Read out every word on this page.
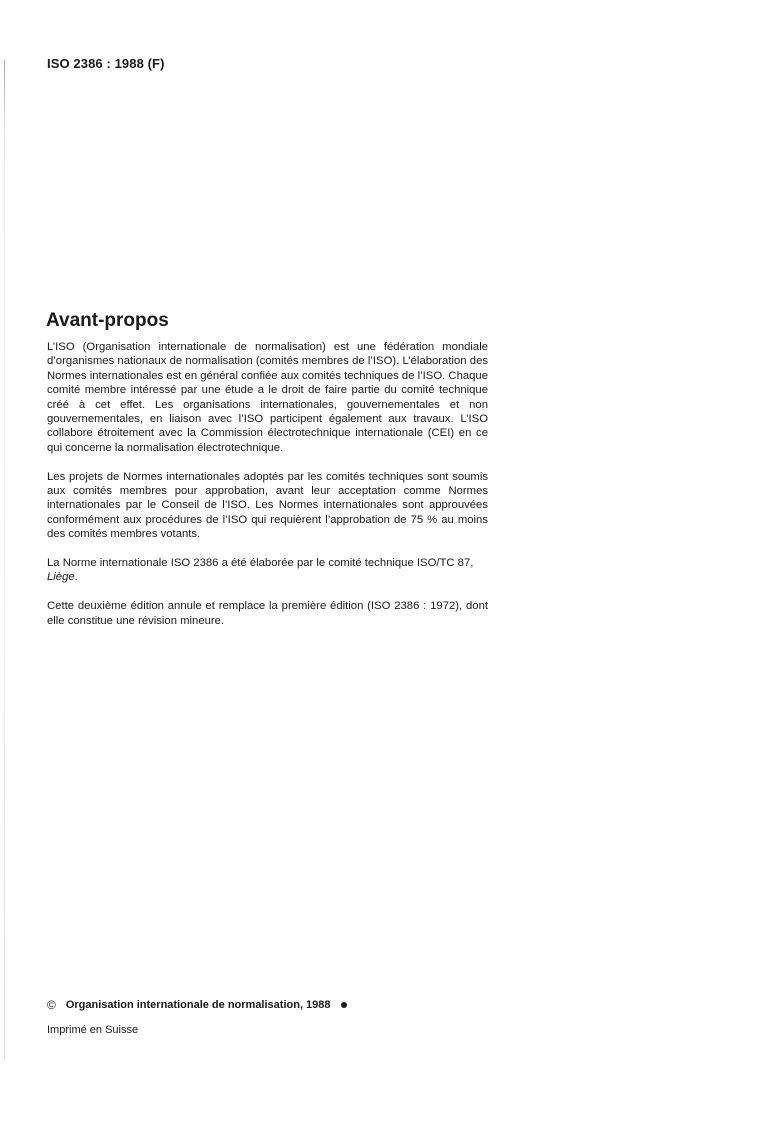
ISO 2386 : 1988 (F)
Avant-propos

L’ISO (Organisation internationale de normalisation) est une fédération mondiale d’organismes nationaux de normalisation (comités membres de l’ISO). L’élaboration des Normes internationales est en général confiée aux comités techniques de l’ISO. Chaque comité membre intéressé par une étude a le droit de faire partie du comité technique créé à cet effet. Les organisations internationales, gouvernementales et non gouvernementales, en liaison avec l’ISO participent également aux travaux. L’ISO collabore étroitement avec la Commission électrotechnique internationale (CEI) en ce qui concerne la normalisation électrotechnique.

Les projets de Normes internationales adoptés par les comités techniques sont soumis aux comités membres pour approbation, avant leur acceptation comme Normes internationales par le Conseil de l’ISO. Les Normes internationales sont approuvées conformément aux procédures de l’ISO qui requièrent l’approbation de 75 % au moins des comités membres votants.

La Norme internationale ISO 2386 a été élaborée par le comité technique ISO/TC 87,
Liège.

Cette deuxième édition annule et remplace la première édition (ISO 2386 : 1972), dont elle constitue une révision mineure.

© Organisation internationale de normalisation, 1988
Imprimé en Suisse
